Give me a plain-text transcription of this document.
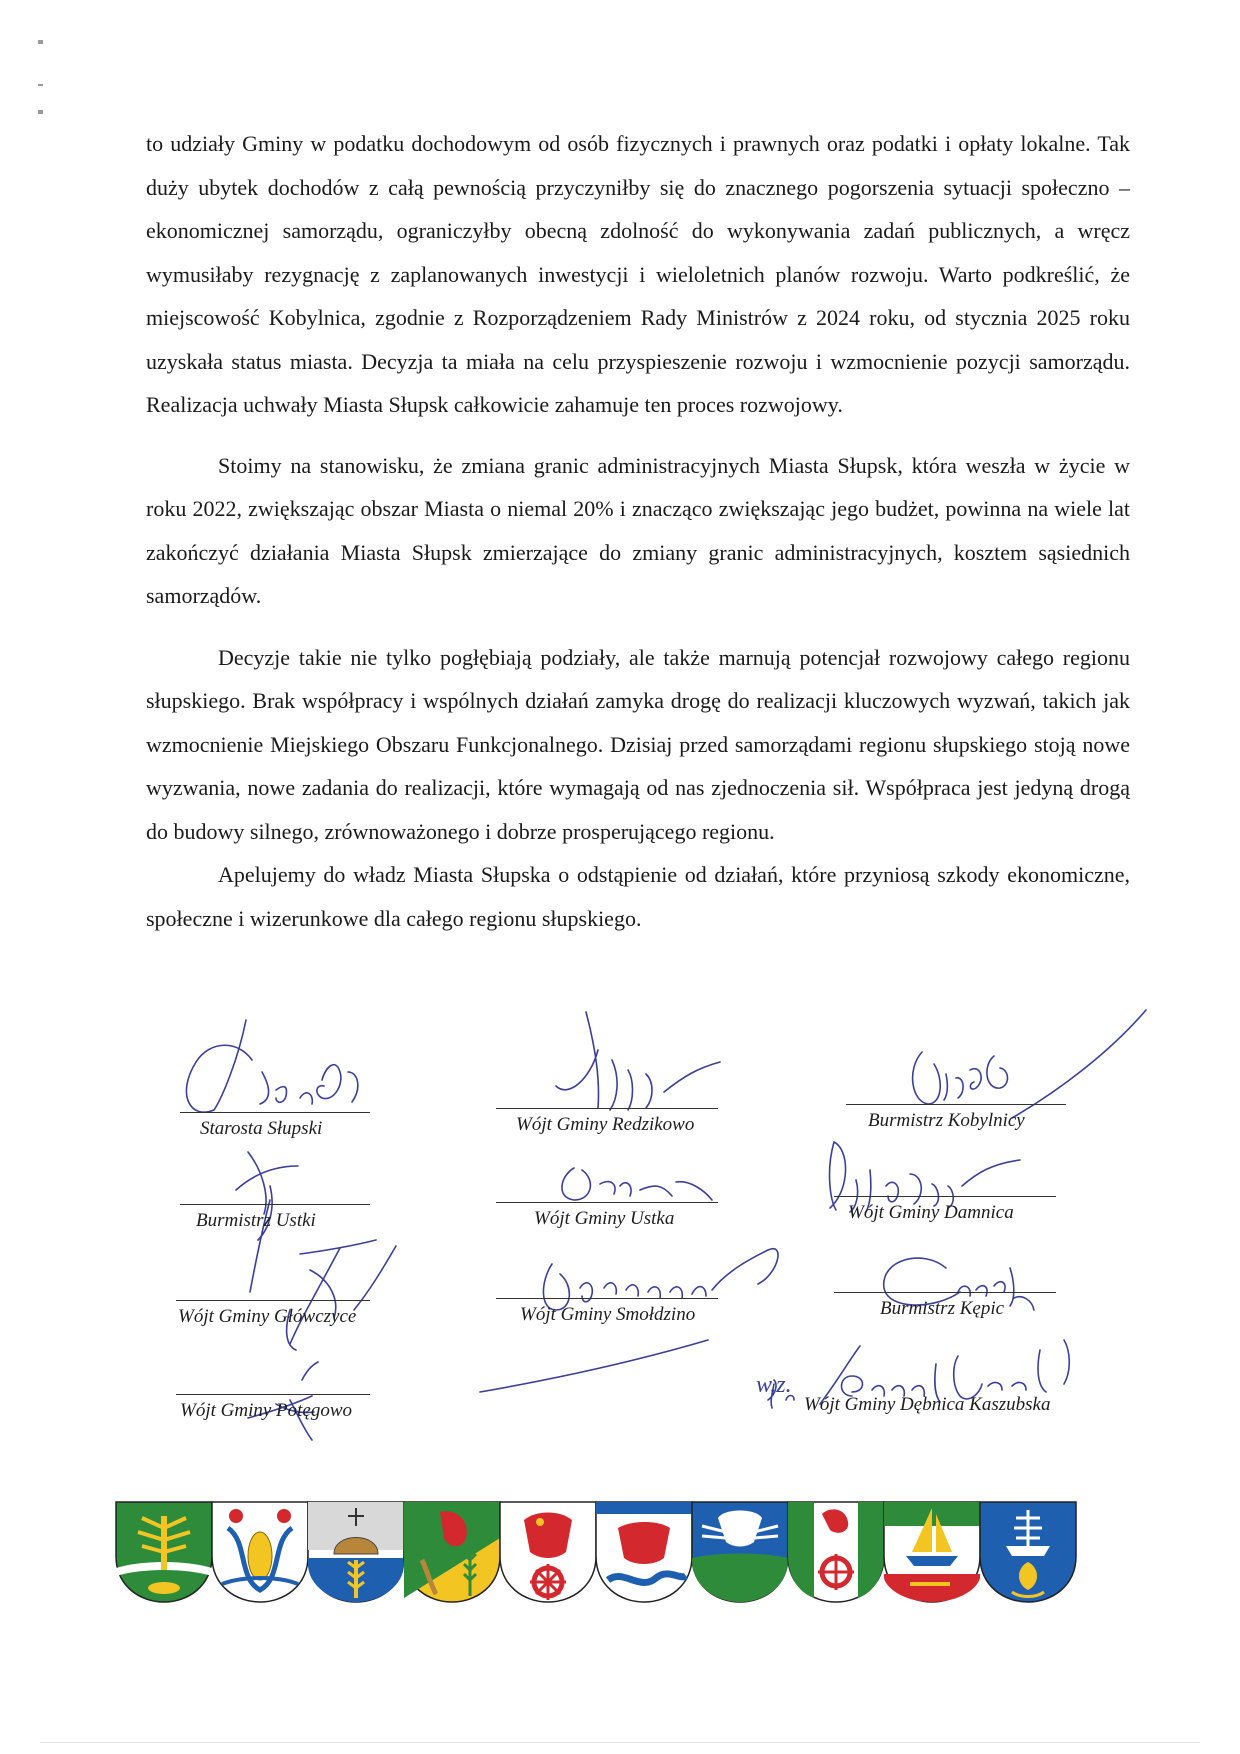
to udziały Gminy w podatku dochodowym od osób fizycznych i prawnych oraz podatki i opłaty lokalne. Tak duży ubytek dochodów z całą pewnością przyczyniłby się do znacznego pogorszenia sytuacji społeczno – ekonomicznej samorządu, ograniczyłby obecną zdolność do wykonywania zadań publicznych, a wręcz wymusiłaby rezygnację z zaplanowanych inwestycji i wieloletnich planów rozwoju. Warto podkreślić, że miejscowość Kobylnica, zgodnie z Rozporządzeniem Rady Ministrów z 2024 roku, od stycznia 2025 roku uzyskała status miasta. Decyzja ta miała na celu przyspieszenie rozwoju i wzmocnienie pozycji samorządu. Realizacja uchwały Miasta Słupsk całkowicie zahamuje ten proces rozwojowy.

Stoimy na stanowisku, że zmiana granic administracyjnych Miasta Słupsk, która weszła w życie w roku 2022, zwiększając obszar Miasta o niemal 20% i znacząco zwiększając jego budżet, powinna na wiele lat zakończyć działania Miasta Słupsk zmierzające do zmiany granic administracyjnych, kosztem sąsiednich samorządów.

Decyzje takie nie tylko pogłębiają podziały, ale także marnują potencjał rozwojowy całego regionu słupskiego. Brak współpracy i wspólnych działań zamyka drogę do realizacji kluczowych wyzwań, takich jak wzmocnienie Miejskiego Obszaru Funkcjonalnego. Dzisiaj przed samorządami regionu słupskiego stoją nowe wyzwania, nowe zadania do realizacji, które wymagają od nas zjednoczenia sił. Współpraca jest jedyną drogą do budowy silnego, zrównoważonego i dobrze prosperującego regionu.

Apelujemy do władz Miasta Słupska o odstąpienie od działań, które przyniosą szkody ekonomiczne, społeczne i wizerunkowe dla całego regionu słupskiego.

w.z.
Starosta Słupski	Wójt Gminy Redzikowo	Burmistrz Kobylnicy
Burmistrz Ustki	Wójt Gminy Ustka	Wójt Gminy Damnica
Wójt Gminy Główczyce	Wójt Gminy Smołdzino	Burmistrz Kępic
Wójt Gminy Potęgowo	Wójt Gminy Dębnica Kaszubska
